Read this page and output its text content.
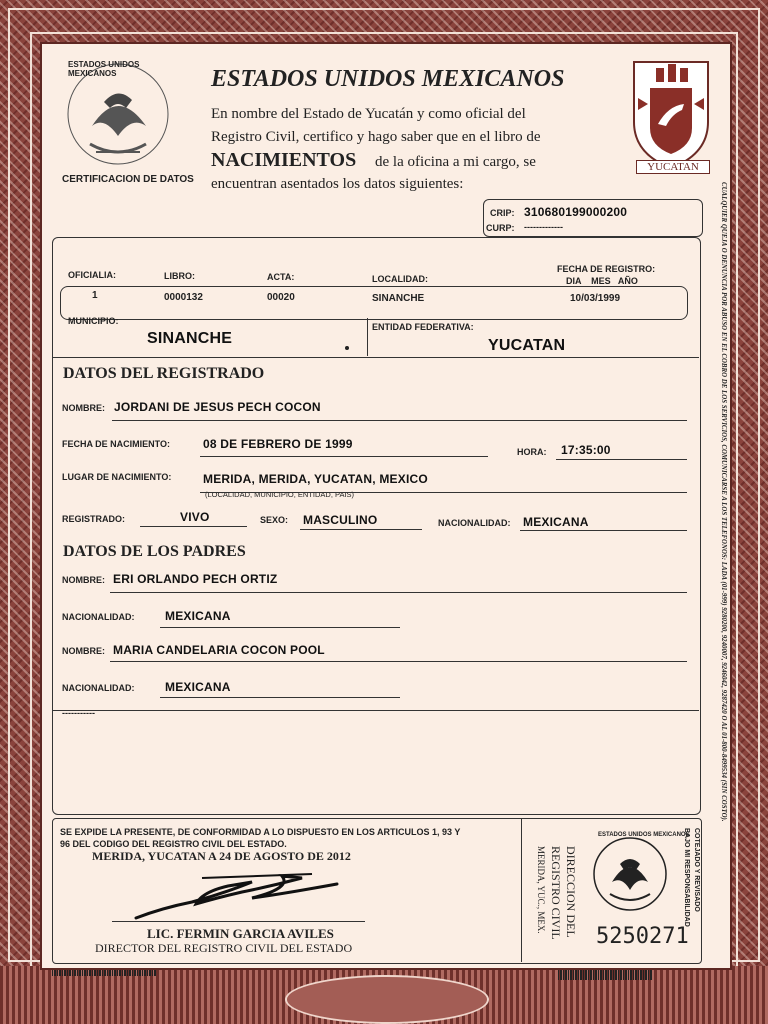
ESTADOS UNIDOS MEXICANOS
CERTIFICACION DE DATOS
ESTADOS UNIDOS MEXICANOS
En nombre del Estado de Yucatán y como oficial del
Registro Civil, certifico y hago saber que en el libro de
NACIMIENTOS de la oficina a mi cargo, se
encuentran asentados los datos siguientes:
YUCATAN
CRIP: 310680199000200
CURP: -------------
OFICIALIA:	LIBRO:	ACTA:	LOCALIDAD:
FECHA DE REGISTRO:
DIA    MES   AÑO
1	0000132	00020	SINANCHE	10/03/1999
MUNICIPIO:
SINANCHE
ENTIDAD FEDERATIVA:
YUCATAN
DATOS DEL REGISTRADO
NOMBRE: JORDANI DE JESUS PECH COCON
FECHA DE NACIMIENTO:	08 DE FEBRERO DE 1999
HORA: 17:35:00
LUGAR DE NACIMIENTO:	MERIDA, MERIDA, YUCATAN, MEXICO
(LOCALIDAD, MUNICIPIO, ENTIDAD, PAIS)
REGISTRADO:	VIVO	SEXO: MASCULINO	NACIONALIDAD: MEXICANA
DATOS DE LOS PADRES
NOMBRE: ERI ORLANDO PECH ORTIZ
NACIONALIDAD:	MEXICANA
NOMBRE: MARIA CANDELARIA COCON POOL
NACIONALIDAD:	MEXICANA
-----------
SE EXPIDE LA PRESENTE, DE CONFORMIDAD A LO DISPUESTO EN LOS ARTICULOS 1, 93 Y
96 DEL CODIGO DEL REGISTRO CIVIL DEL ESTADO.
MERIDA, YUCATAN A 24 DE AGOSTO DE 2012
LIC. FERMIN GARCIA AVILES
DIRECTOR DEL REGISTRO CIVIL DEL ESTADO
DIRECCION DEL
REGISTRO CIVIL
MERIDA, YUC., MEX.	COTEJADO Y REVISADO
BAJO MI RESPONSABILIDAD
ESTADOS UNIDOS MEXICANOS
5250271
CUALQUIER QUEJA O DENUNCIA POR ABUSO EN EL COBRO DE LOS SERVICIOS, COMUNICARSE A LOS TELEFONOS: LADA (01-999) 9280200, 9240007, 9246042, 9287420 O AL 01-800-8499534 (SIN COSTO).
